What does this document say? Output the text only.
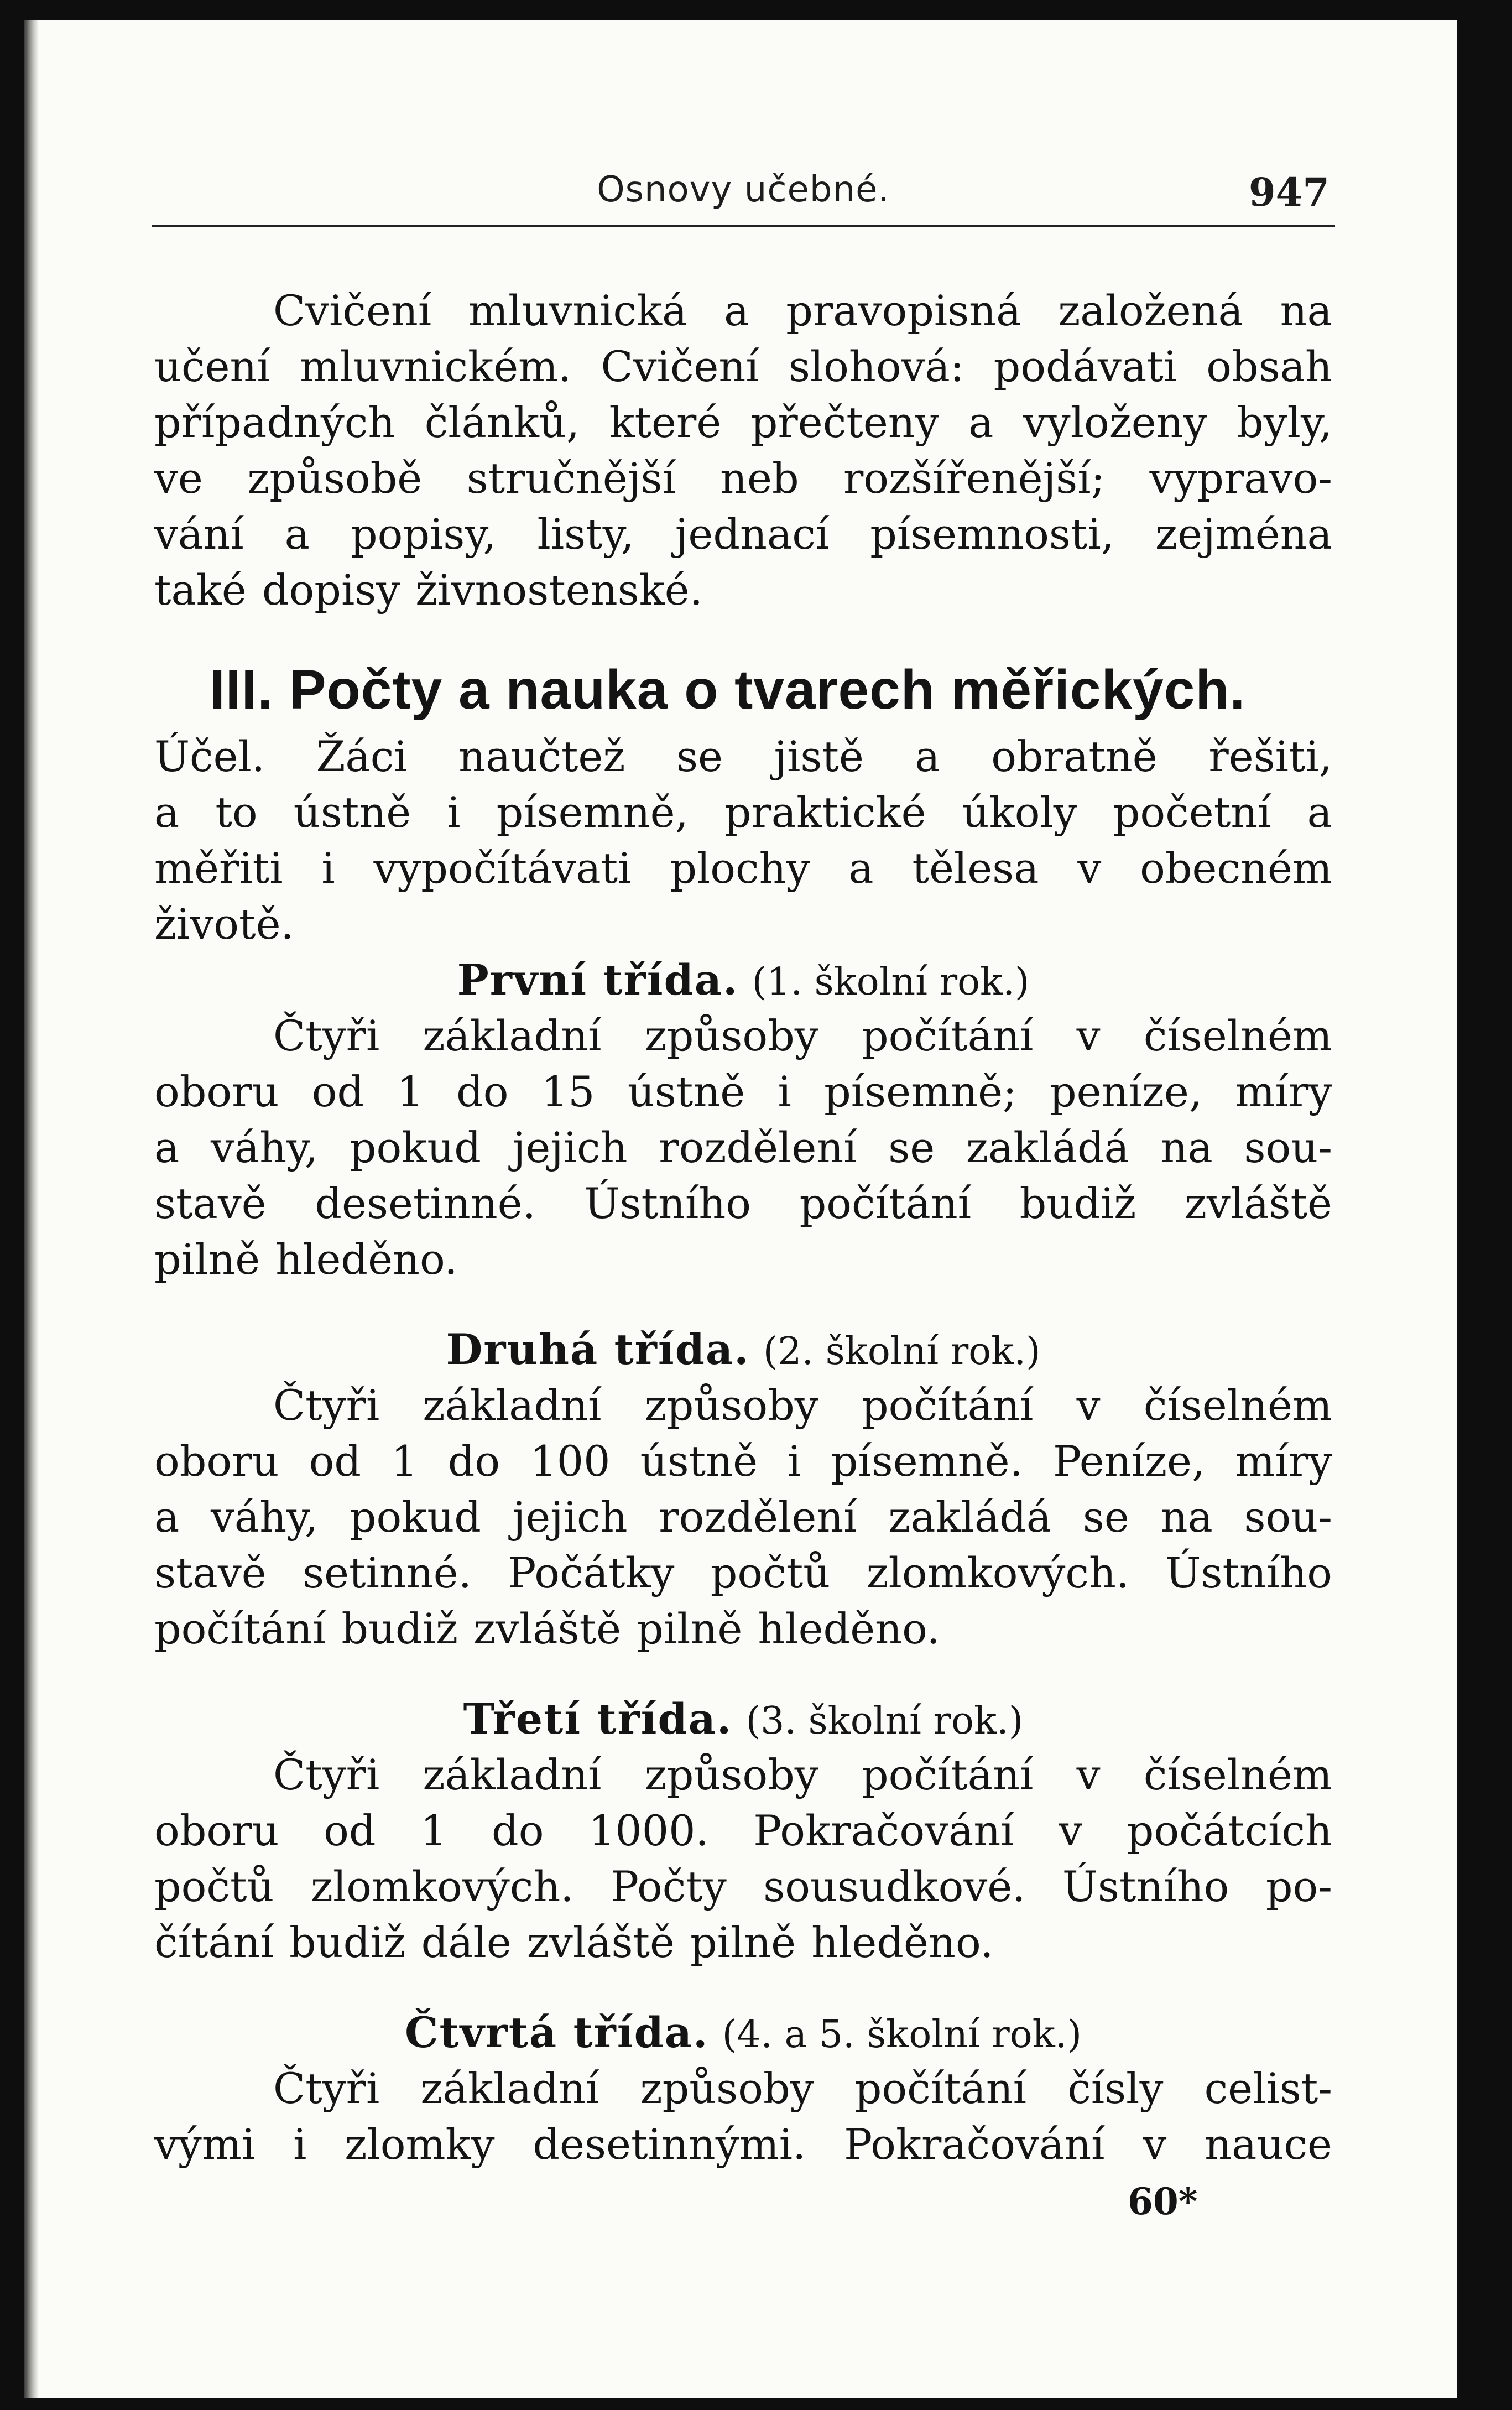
Osnovy učebné.	947
Cvičení mluvnická a pravopisná založená na
učení mluvnickém. Cvičení slohová: podávati obsah
případných článků, které přečteny a vyloženy byly,
ve způsobě stručnější neb rozšířenější; vypravo-
vání a popisy, listy, jednací písemnosti, zejména
také dopisy živnostenské.
III. Počty a nauka o tvarech měřických.
Účel. Žáci naučtež se jistě a obratně řešiti,
a to ústně i písemně, praktické úkoly početní a
měřiti i vypočítávati plochy a tělesa v obecném
životě.
První třída. (1. školní rok.)
Čtyři základní způsoby počítání v číselném
oboru od 1 do 15 ústně i písemně; peníze, míry
a váhy, pokud jejich rozdělení se zakládá na sou-
stavě desetinné. Ústního počítání budiž zvláště
pilně hleděno.
Druhá třída. (2. školní rok.)
Čtyři základní způsoby počítání v číselném
oboru od 1 do 100 ústně i písemně. Peníze, míry
a váhy, pokud jejich rozdělení zakládá se na sou-
stavě setinné. Počátky počtů zlomkových. Ústního
počítání budiž zvláště pilně hleděno.
Třetí třída. (3. školní rok.)
Čtyři základní způsoby počítání v číselném
oboru od 1 do 1000. Pokračování v počátcích
počtů zlomkových. Počty sousudkové. Ústního po-
čítání budiž dále zvláště pilně hleděno.
Čtvrtá třída. (4. a 5. školní rok.)
Čtyři základní způsoby počítání čísly celist-
vými i zlomky desetinnými. Pokračování v nauce
60*
